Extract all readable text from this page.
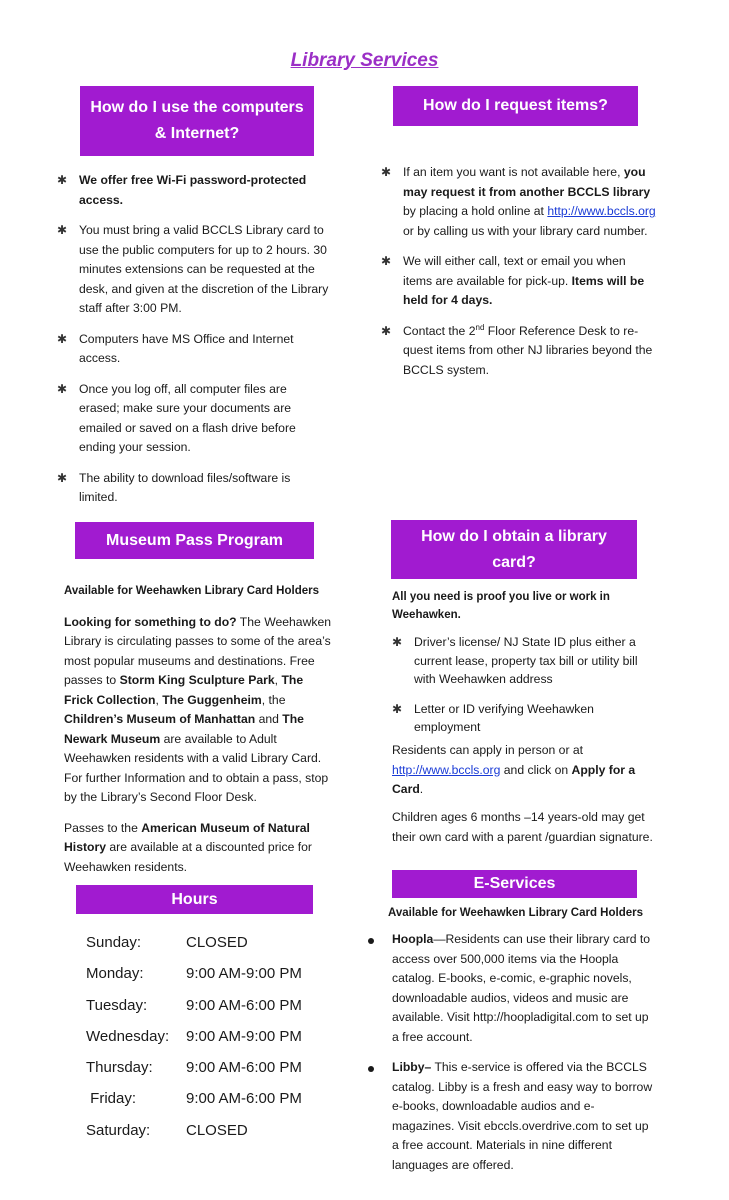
Library Services
How do I use the computers & Internet?
✱ We offer free Wi-Fi password-protected access.
✱ You must bring a valid BCCLS Library card to use the public computers for up to 2 hours. 30 minutes extensions can be requested at the desk, and given at the discretion of the Library staff after 3:00 PM.
✱ Computers have MS Office and Internet access.
✱ Once you log off, all computer files are erased; make sure your documents are emailed or saved on a flash drive before ending your session.
✱ The ability to download files/software is limited.
How do I request items?
✱ If an item you want is not available here, you may request it from another BCCLS library by placing a hold online at http://www.bccls.org or by calling us with your library card number.
✱ We will either call, text or email you when items are available for pick-up. Items will be held for 4 days.
✱ Contact the 2nd Floor Reference Desk to re-quest items from other NJ libraries beyond the BCCLS system.
Museum Pass Program

Available for Weehawken Library Card Holders

Looking for something to do? The Weehawken Library is circulating passes to some of the area’s most popular museums and destinations. Free passes to Storm King Sculpture Park, The Frick Collection, The Guggenheim, the Children’s Museum of Manhattan and The Newark Museum are available to Adult Weehawken residents with a valid Library Card. For further Information and to obtain a pass, stop by the Library’s Second Floor Desk.

Passes to the American Museum of Natural History are available at a discounted price for Weehawken residents.

How do I obtain a library card?

All you need is proof you live or work in Weehawken.

✱ Driver’s license/ NJ State ID plus either a current lease, property tax bill or utility bill with Weehawken address
✱ Letter or ID verifying Weehawken employment

Residents can apply in person or at http://www.bccls.org and click on Apply for a Card.

Children ages 6 months –14 years-old may get their own card with a parent /guardian signature.

Hours
Sunday:	CLOSED
Monday:	9:00 AM-9:00 PM
Tuesday:	9:00 AM-6:00 PM
Wednesday:	9:00 AM-9:00 PM
Thursday:	9:00 AM-6:00 PM
Friday:	9:00 AM-6:00 PM
Saturday:	CLOSED
E-Services

Available for Weehawken Library Card Holders

Hoopla—Residents can use their library card to access over 500,000 items via the Hoopla catalog. E-books, e-comic, e-graphic novels, downloadable audios, videos and music are available. Visit http://hoopladigital.com to set up a free account.
Libby– This e-service is offered via the BCCLS catalog. Libby is a fresh and easy way to borrow e-books, downloadable audios and e-magazines. Visit ebccls.overdrive.com to set up a free account. Materials in nine different languages are offered.
